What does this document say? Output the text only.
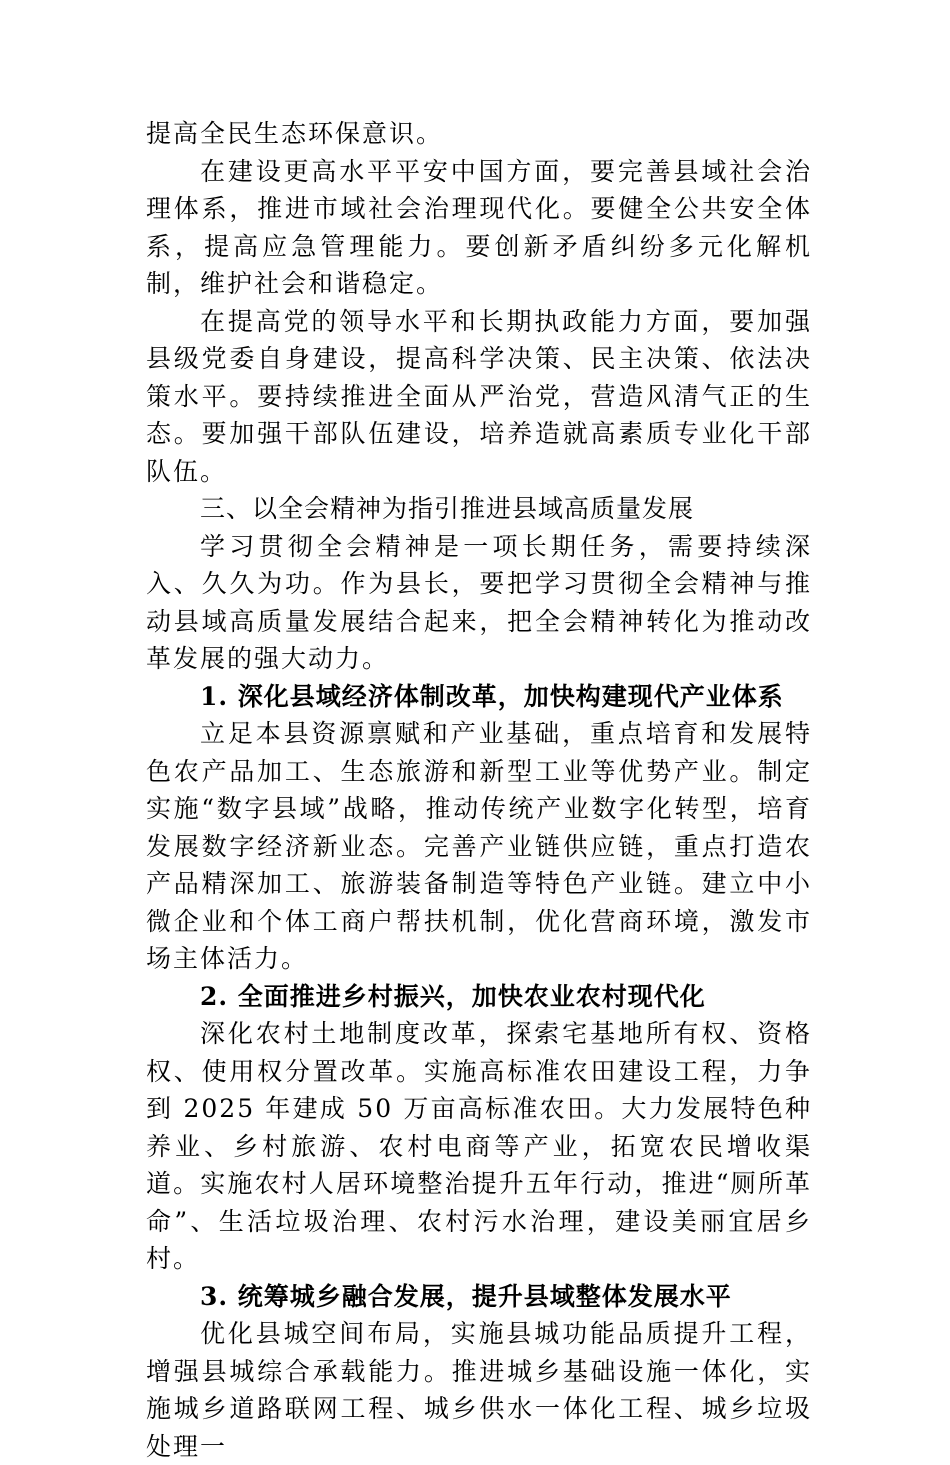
提高全民生态环保意识。

在建设更高水平平安中国方面，要完善县域社会治理体系，推进市域社会治理现代化。要健全公共安全体系，提高应急管理能力。要创新矛盾纠纷多元化解机制，维护社会和谐稳定。

在提高党的领导水平和长期执政能力方面，要加强县级党委自身建设，提高科学决策、民主决策、依法决策水平。要持续推进全面从严治党，营造风清气正的生态。要加强干部队伍建设，培养造就高素质专业化干部队伍。

三、以全会精神为指引推进县域高质量发展

学习贯彻全会精神是一项长期任务，需要持续深入、久久为功。作为县长，要把学习贯彻全会精神与推动县域高质量发展结合起来，把全会精神转化为推动改革发展的强大动力。

1. 深化县域经济体制改革，加快构建现代产业体系

立足本县资源禀赋和产业基础，重点培育和发展特色农产品加工、生态旅游和新型工业等优势产业。制定实施“数字县域”战略，推动传统产业数字化转型，培育发展数字经济新业态。完善产业链供应链，重点打造农产品精深加工、旅游装备制造等特色产业链。建立中小微企业和个体工商户帮扶机制，优化营商环境，激发市场主体活力。

2. 全面推进乡村振兴，加快农业农村现代化

深化农村土地制度改革，探索宅基地所有权、资格权、使用权分置改革。实施高标准农田建设工程，力争到 2025 年建成 50 万亩高标准农田。大力发展特色种养业、乡村旅游、农村电商等产业，拓宽农民增收渠道。实施农村人居环境整治提升五年行动，推进“厕所革命”、生活垃圾治理、农村污水治理，建设美丽宜居乡村。

3. 统筹城乡融合发展，提升县域整体发展水平

优化县城空间布局，实施县城功能品质提升工程，增强县城综合承载能力。推进城乡基础设施一体化，实施城乡道路联网工程、城乡供水一体化工程、城乡垃圾处理一
